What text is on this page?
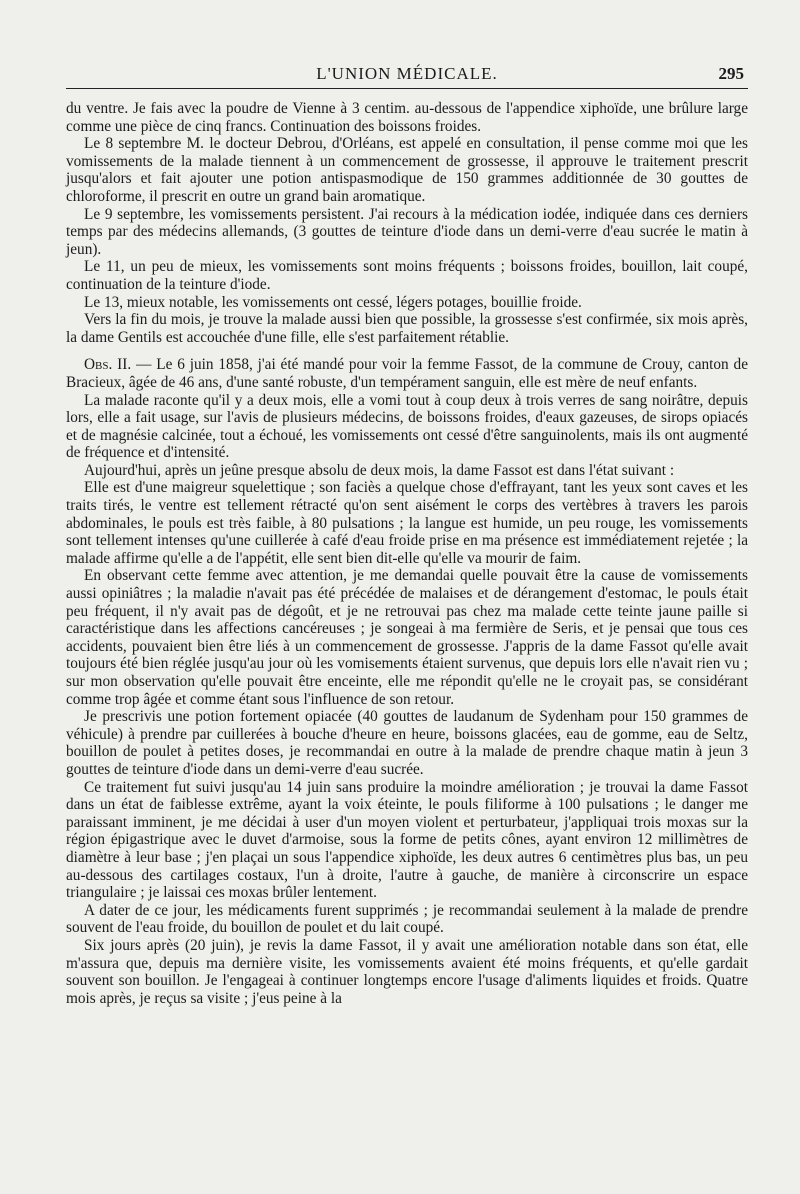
L'UNION MÉDICALE.	295

du ventre. Je fais avec la poudre de Vienne à 3 centim. au-dessous de l'appendice xiphoïde, une brûlure large comme une pièce de cinq francs. Continuation des boissons froides.

Le 8 septembre M. le docteur Debrou, d'Orléans, est appelé en consultation, il pense comme moi que les vomissements de la malade tiennent à un commencement de grossesse, il approuve le traitement prescrit jusqu'alors et fait ajouter une potion antispasmodique de 150 grammes additionnée de 30 gouttes de chloroforme, il prescrit en outre un grand bain aromatique.

Le 9 septembre, les vomissements persistent. J'ai recours à la médication iodée, indiquée dans ces derniers temps par des médecins allemands, (3 gouttes de teinture d'iode dans un demi-verre d'eau sucrée le matin à jeun).

Le 11, un peu de mieux, les vomissements sont moins fréquents ; boissons froides, bouillon, lait coupé, continuation de la teinture d'iode.

Le 13, mieux notable, les vomissements ont cessé, légers potages, bouillie froide.

Vers la fin du mois, je trouve la malade aussi bien que possible, la grossesse s'est confirmée, six mois après, la dame Gentils est accouchée d'une fille, elle s'est parfaitement rétablie.

Obs. II. — Le 6 juin 1858, j'ai été mandé pour voir la femme Fassot, de la commune de Crouy, canton de Bracieux, âgée de 46 ans, d'une santé robuste, d'un tempérament sanguin, elle est mère de neuf enfants.

La malade raconte qu'il y a deux mois, elle a vomi tout à coup deux à trois verres de sang noirâtre, depuis lors, elle a fait usage, sur l'avis de plusieurs médecins, de boissons froides, d'eaux gazeuses, de sirops opiacés et de magnésie calcinée, tout a échoué, les vomissements ont cessé d'être sanguinolents, mais ils ont augmenté de fréquence et d'intensité.

Aujourd'hui, après un jeûne presque absolu de deux mois, la dame Fassot est dans l'état suivant :

Elle est d'une maigreur squelettique ; son faciès a quelque chose d'effrayant, tant les yeux sont caves et les traits tirés, le ventre est tellement rétracté qu'on sent aisément le corps des vertèbres à travers les parois abdominales, le pouls est très faible, à 80 pulsations ; la langue est humide, un peu rouge, les vomissements sont tellement intenses qu'une cuillerée à café d'eau froide prise en ma présence est immédiatement rejetée ; la malade affirme qu'elle a de l'appétit, elle sent bien dit-elle qu'elle va mourir de faim.

En observant cette femme avec attention, je me demandai quelle pouvait être la cause de vomissements aussi opiniâtres ; la maladie n'avait pas été précédée de malaises et de dérangement d'estomac, le pouls était peu fréquent, il n'y avait pas de dégoût, et je ne retrouvai pas chez ma malade cette teinte jaune paille si caractéristique dans les affections cancéreuses ; je songeai à ma fermière de Seris, et je pensai que tous ces accidents, pouvaient bien être liés à un commencement de grossesse. J'appris de la dame Fassot qu'elle avait toujours été bien réglée jusqu'au jour où les vomisements étaient survenus, que depuis lors elle n'avait rien vu ; sur mon observation qu'elle pouvait être enceinte, elle me répondit qu'elle ne le croyait pas, se considérant comme trop âgée et comme étant sous l'influence de son retour.

Je prescrivis une potion fortement opiacée (40 gouttes de laudanum de Sydenham pour 150 grammes de véhicule) à prendre par cuillerées à bouche d'heure en heure, boissons glacées, eau de gomme, eau de Seltz, bouillon de poulet à petites doses, je recommandai en outre à la malade de prendre chaque matin à jeun 3 gouttes de teinture d'iode dans un demi-verre d'eau sucrée.

Ce traitement fut suivi jusqu'au 14 juin sans produire la moindre amélioration ; je trouvai la dame Fassot dans un état de faiblesse extrême, ayant la voix éteinte, le pouls filiforme à 100 pulsations ; le danger me paraissant imminent, je me décidai à user d'un moyen violent et perturbateur, j'appliquai trois moxas sur la région épigastrique avec le duvet d'armoise, sous la forme de petits cônes, ayant environ 12 millimètres de diamètre à leur base ; j'en plaçai un sous l'appendice xiphoïde, les deux autres 6 centimètres plus bas, un peu au-dessous des cartilages costaux, l'un à droite, l'autre à gauche, de manière à circonscrire un espace triangulaire ; je laissai ces moxas brûler lentement.

A dater de ce jour, les médicaments furent supprimés ; je recommandai seulement à la malade de prendre souvent de l'eau froide, du bouillon de poulet et du lait coupé.

Six jours après (20 juin), je revis la dame Fassot, il y avait une amélioration notable dans son état, elle m'assura que, depuis ma dernière visite, les vomissements avaient été moins fréquents, et qu'elle gardait souvent son bouillon. Je l'engageai à continuer longtemps encore l'usage d'aliments liquides et froids. Quatre mois après, je reçus sa visite ; j'eus peine à la
